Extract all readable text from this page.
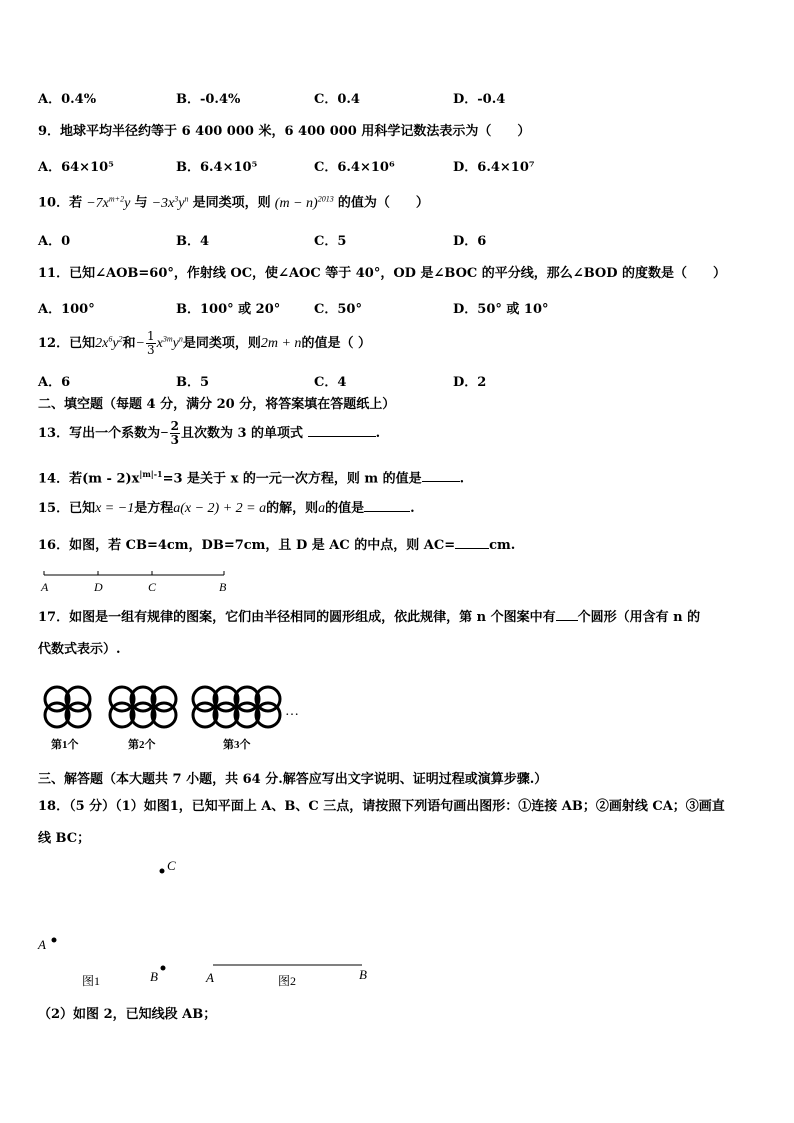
A．0.4%	B．-0.4%	C．0.4	D．-0.4
9．地球平均半径约等于 6 400 000 米，6 400 000 用科学记数法表示为（　　）
A．64×10⁵	B．6.4×10⁵	C．6.4×10⁶	D．6.4×10⁷
10．若 $-7x^{m+2}y$ 与 $-3x^3y^n$ 是同类项，则 $(m - n)^{2013}$ 的值为（　　）
A．0	B．4	C．5	D．6
11．已知∠AOB=60°，作射线 OC，使∠AOC 等于 40°，OD 是∠BOC 的平分线，那么∠BOD 的度数是（　　）
A．100°	B．100° 或 20°	C．50°	D．50° 或 10°
12．已知$2x^6y^2$和− $\frac{1}{3} x^{3m}y^n$是同类项，则2m + n的值是（ ）
A．6	B．5	C．4	D．2
二、填空题（每题 4 分，满分 20 分，将答案填在答题纸上）
13．写出一个系数为− $\frac{2}{3}$ 且次数为 3 的单项式	.
14．若$(m - 2)x^{|m|-1}=3$ 是关于 x 的一元一次方程，则 m 的值是	.
15．已知x = −1是方程a(x − 2) + 2 = a的解，则a的值是	.
16．如图，若 CB=4cm，DB=7cm，且 D 是 AC 的中点，则 AC=	cm.
A	D	C	B
17．如图是一组有规律的图案，它们由半径相同的圆形组成，依此规律，第 n 个图案中有 个圆形（用含有 n 的
代数式表示）.
…
第1个	第2个	第3个
三、解答题（本大题共 7 小题，共 64 分.解答应写出文字说明、证明过程或演算步骤.）
18．（5 分）（1）如图1，已知平面上 A、B、C 三点，请按照下列语句画出图形：①连接 AB；②画射线 CA；③画直
线 BC；
C
A
B
图1	A	B
图2
（2）如图 2，已知线段 AB；
